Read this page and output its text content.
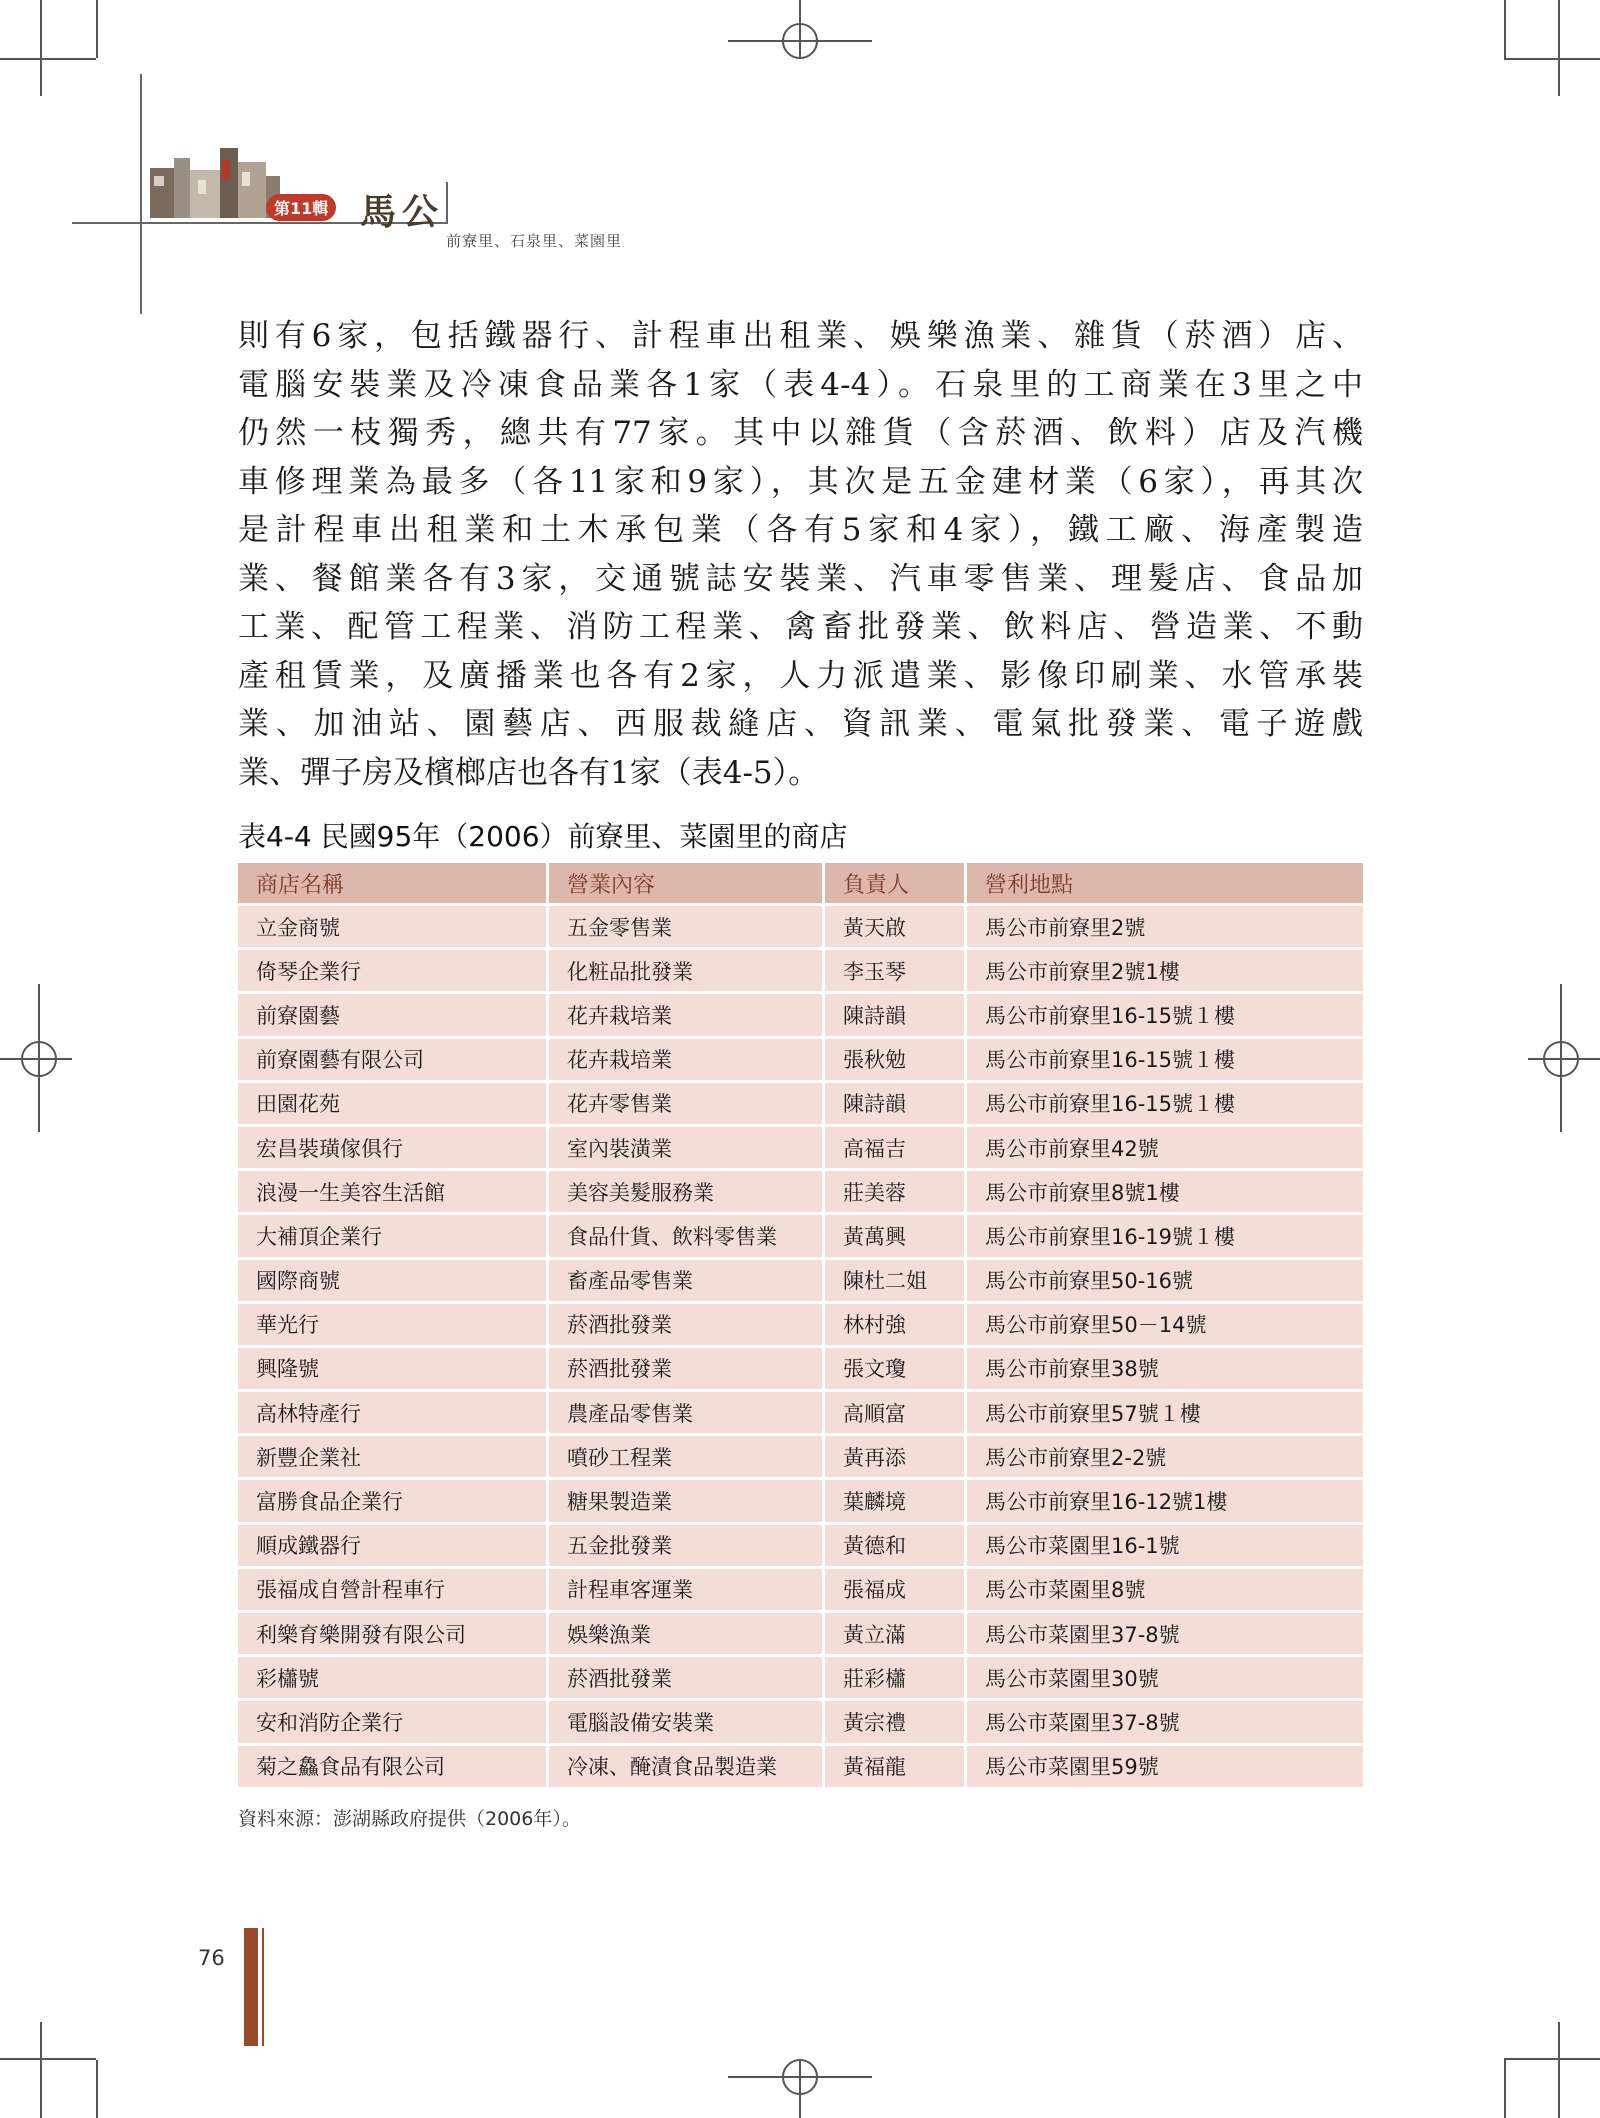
第11輯 馬公
前寮里、石泉里、菜園里
則有6家，包括鐵器行、計程車出租業、娛樂漁業、雜貨（菸酒）店、
電腦安裝業及冷凍食品業各1家（表4-4）。石泉里的工商業在3里之中
仍然一枝獨秀，總共有77家。其中以雜貨（含菸酒、飲料）店及汽機
車修理業為最多（各11家和9家），其次是五金建材業（6家），再其次
是計程車出租業和土木承包業（各有5家和4家），鐵工廠、海產製造
業、餐館業各有3家，交通號誌安裝業、汽車零售業、理髮店、食品加
工業、配管工程業、消防工程業、禽畜批發業、飲料店、營造業、不動
產租賃業，及廣播業也各有2家，人力派遣業、影像印刷業、水管承裝
業、加油站、園藝店、西服裁縫店、資訊業、電氣批發業、電子遊戲
業、彈子房及檳榔店也各有1家（表4-5）。
表4-4 民國95年（2006）前寮里、菜園里的商店
商店名稱	營業內容	負責人	營利地點
立金商號	五金零售業	黃天啟	馬公市前寮里2號
倚琴企業行	化粧品批發業	李玉琴	馬公市前寮里2號1樓
前寮園藝	花卉栽培業	陳詩韻	馬公市前寮里16-15號１樓
前寮園藝有限公司	花卉栽培業	張秋勉	馬公市前寮里16-15號１樓
田園花苑	花卉零售業	陳詩韻	馬公市前寮里16-15號１樓
宏昌裝璜傢俱行	室內裝潢業	高福吉	馬公市前寮里42號
浪漫一生美容生活館	美容美髮服務業	莊美蓉	馬公市前寮里8號1樓
大補頂企業行	食品什貨、飲料零售業	黃萬興	馬公市前寮里16-19號１樓
國際商號	畜產品零售業	陳杜二姐	馬公市前寮里50-16號
華光行	菸酒批發業	林村強	馬公市前寮里50－14號
興隆號	菸酒批發業	張文瓊	馬公市前寮里38號
高林特產行	農產品零售業	高順富	馬公市前寮里57號１樓
新豐企業社	噴砂工程業	黃再添	馬公市前寮里2-2號
富勝食品企業行	糖果製造業	葉麟境	馬公市前寮里16-12號1樓
順成鐵器行	五金批發業	黃德和	馬公市菜園里16-1號
張福成自營計程車行	計程車客運業	張福成	馬公市菜園里8號
利樂育樂開發有限公司	娛樂漁業	黃立滿	馬公市菜園里37-8號
彩櫹號	菸酒批發業	莊彩櫹	馬公市菜園里30號
安和消防企業行	電腦設備安裝業	黃宗禮	馬公市菜園里37-8號
菊之鱻食品有限公司	冷凍、醃漬食品製造業	黃福龍	馬公市菜園里59號
資料來源：澎湖縣政府提供（2006年）。
76
